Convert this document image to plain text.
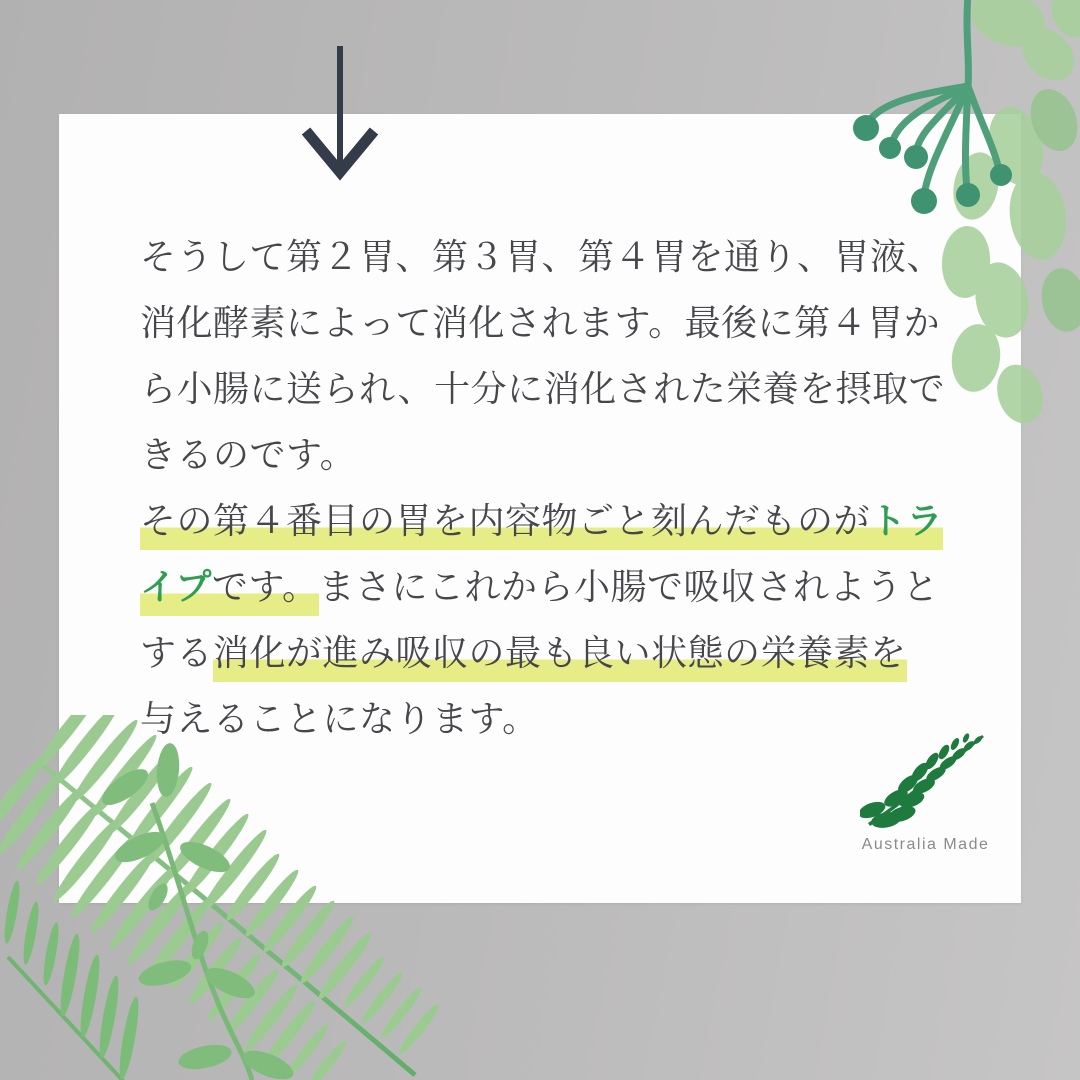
そうして第２胃、第３胃、第４胃を通り、胃液、

消化酵素によって消化されます。最後に第４胃か

ら小腸に送られ、十分に消化された栄養を摂取で

きるのです。

その第４番目の胃を内容物ごと刻んだものがトラ

イプです。まさにこれから小腸で吸収されようと

する消化が進み吸収の最も良い状態の栄養素を

与えることになります。

Australia Made
